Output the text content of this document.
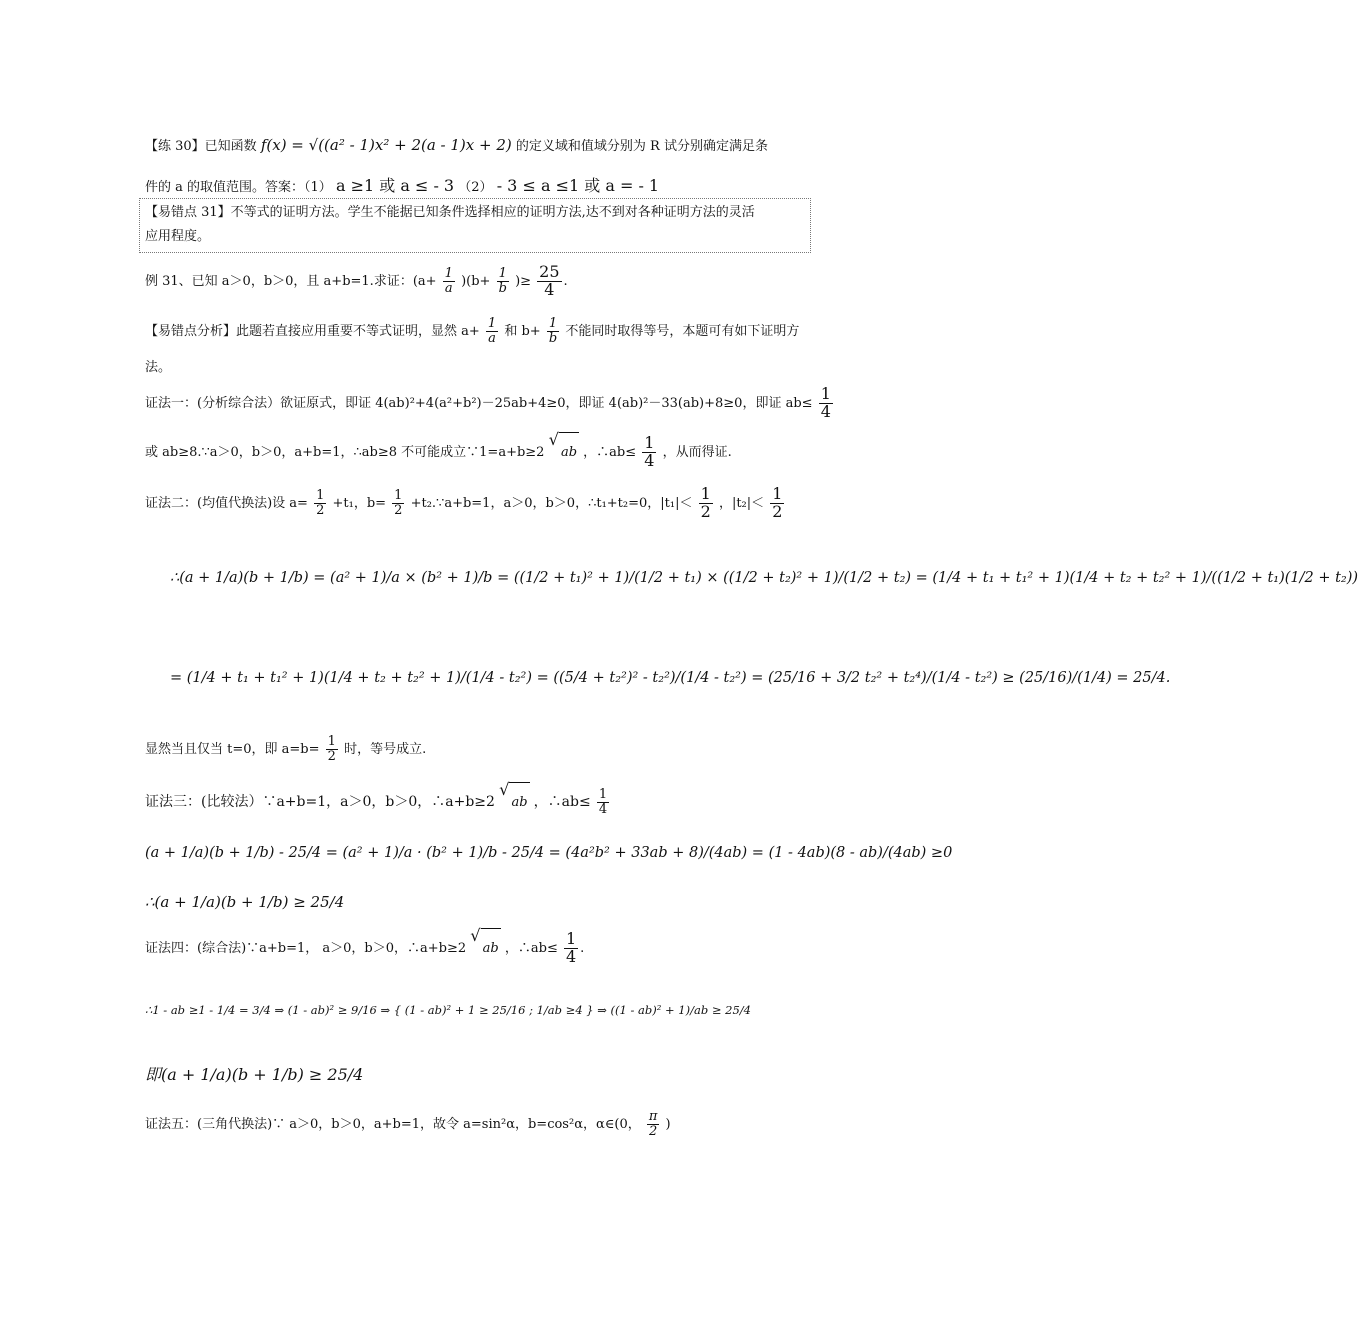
【练 30】已知函数 f(x) = √((a² - 1)x² + 2(a - 1)x + 2) 的定义域和值域分别为 R 试分别确定满足条
件的 a 的取值范围。答案：（1） a ≥1 或 a ≤ - 3 （2） - 3 ≤ a ≤1 或 a = - 1
【易错点 31】不等式的证明方法。学生不能据已知条件选择相应的证明方法,达不到对各种证明方法的灵活
应用程度。
例 31、已知 a＞0，b＞0，且 a+b=1.求证：$(a+ \frac{1}{a} )(b+ \frac{1}{b}$ )≥ $\frac{25}{4}$ .
【易错点分析】此题若直接应用重要不等式证明，显然 $a+ \frac{1}{a}$ 和 $b+ \frac{1}{b}$ 不能同时取得等号，本题可有如下证明方
法。
证法一：(分析综合法）欲证原式，即证 4(ab)²+4(a²+b²)－25ab+4≥0，即证 4(ab)²－33(ab)+8≥0，即证 $ab\le \frac{1}{4}$
或 ab≥8.∵a＞0，b＞0，a+b=1，∴ab≥8 不可能成立∵1=a+b≥2
√
ab ，∴ab≤ $\frac{1}{4}$ ，从而得证.
证法二：(均值代换法)设 $a= \frac{1}{2} +t_1$，$b= \frac{1}{2}$ +t₂.∵a+b=1，a＞0，b＞0，∴t₁+t₂=0，$|t_1|< \frac{1}{2}$ ，$|t_2|< \frac{1}{2}$
∴(a + 1/a)(b + 1/b) = (a² + 1)/a × (b² + 1)/b = ((1/2 + t₁)² + 1)/(1/2 + t₁) × ((1/2 + t₂)² + 1)/(1/2 + t₂) = (1/4 + t₁ + t₁² + 1)(1/4 + t₂ + t₂² + 1)/((1/2 + t₁)(1/2 + t₂))
= (1/4 + t₁ + t₁² + 1)(1/4 + t₂ + t₂² + 1)/(1/4 - t₂²) = ((5/4 + t₂²)² - t₂²)/(1/4 - t₂²) = (25/16 + 3/2 t₂² + t₂⁴)/(1/4 - t₂²) ≥ (25/16)/(1/4) = 25/4.
显然当且仅当 t=0，即 $a=b= \frac{1}{2}$ 时，等号成立.
证法三：(比较法）∵a+b=1，a＞0，b＞0，∴a+b≥2
√
ab ，∴ab≤ $\frac{1}{4}$
(a + 1/a)(b + 1/b) - 25/4 = (a² + 1)/a · (b² + 1)/b - 25/4 = (4a²b² + 33ab + 8)/(4ab) = (1 - 4ab)(8 - ab)/(4ab) ≥0
∴(a + 1/a)(b + 1/b) ≥ 25/4
证法四：(综合法)∵a+b=1， a＞0，b＞0，∴a+b≥2
√
ab ，∴ab≤ $\frac{1}{4}$ .
∴1 - ab ≥1 - 1/4 = 3/4 ⇒ (1 - ab)² ≥ 9/16 ⇒ { (1 - ab)² + 1 ≥ 25/16 ; 1/ab ≥4 } ⇒ ((1 - ab)² + 1)/ab ≥ 25/4
即(a + 1/a)(b + 1/b) ≥ 25/4
证法五：(三角代换法)∵ a＞0，b＞0，a+b=1，故令 a=sin²α，b=cos²α，α∈(0， $\frac{\pi}{2}$ )
